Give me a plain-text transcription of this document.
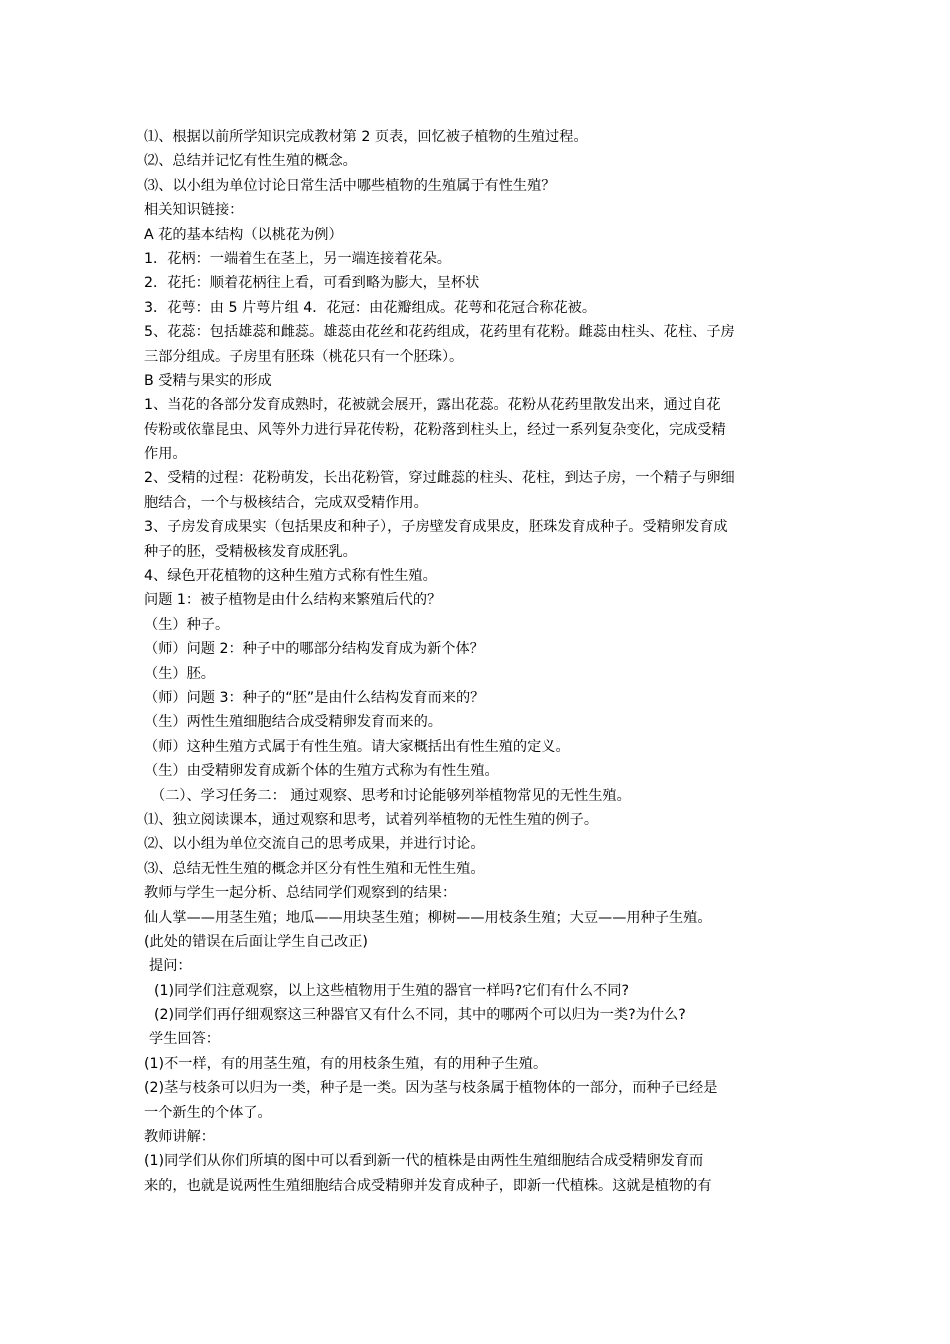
⑴、根据以前所学知识完成教材第 2 页表，回忆被子植物的生殖过程。
⑵、总结并记忆有性生殖的概念。
⑶、以小组为单位讨论日常生活中哪些植物的生殖属于有性生殖？
相关知识链接：
A 花的基本结构（以桃花为例）
1．花柄：一端着生在茎上，另一端连接着花朵。
2．花托：顺着花柄往上看，可看到略为膨大，呈杯状
3．花萼：由 5 片萼片组 4．花冠：由花瓣组成。花萼和花冠合称花被。
5、花蕊：包括雄蕊和雌蕊。雄蕊由花丝和花药组成，花药里有花粉。雌蕊由柱头、花柱、子房
三部分组成。子房里有胚珠（桃花只有一个胚珠）。
B 受精与果实的形成
1、当花的各部分发育成熟时，花被就会展开，露出花蕊。花粉从花药里散发出来，通过自花
传粉或依靠昆虫、风等外力进行异花传粉，花粉落到柱头上，经过一系列复杂变化，完成受精
作用。
2、受精的过程：花粉萌发，长出花粉管，穿过雌蕊的柱头、花柱，到达子房，一个精子与卵细
胞结合，一个与极核结合，完成双受精作用。
3、子房发育成果实（包括果皮和种子），子房壁发育成果皮，胚珠发育成种子。受精卵发育成
种子的胚，受精极核发育成胚乳。
4、绿色开花植物的这种生殖方式称有性生殖。
问题 1：被子植物是由什么结构来繁殖后代的？
（生）种子。
（师）问题 2：种子中的哪部分结构发育成为新个体？
（生）胚。
（师）问题 3：种子的“胚”是由什么结构发育而来的？
（生）两性生殖细胞结合成受精卵发育而来的。
（师）这种生殖方式属于有性生殖。请大家概括出有性生殖的定义。
（生）由受精卵发育成新个体的生殖方式称为有性生殖。
（二）、学习任务二： 通过观察、思考和讨论能够列举植物常见的无性生殖。
⑴、独立阅读课本，通过观察和思考，试着列举植物的无性生殖的例子。
⑵、以小组为单位交流自己的思考成果，并进行讨论。
⑶、总结无性生殖的概念并区分有性生殖和无性生殖。
教师与学生一起分析、总结同学们观察到的结果：
仙人掌——用茎生殖；地瓜——用块茎生殖；柳树——用枝条生殖；大豆——用种子生殖。
(此处的错误在后面让学生自己改正)
提问：
(1)同学们注意观察，以上这些植物用于生殖的器官一样吗?它们有什么不同?
(2)同学们再仔细观察这三种器官又有什么不同，其中的哪两个可以归为一类?为什么?
学生回答：
(1)不一样，有的用茎生殖，有的用枝条生殖，有的用种子生殖。
(2)茎与枝条可以归为一类，种子是一类。因为茎与枝条属于植物体的一部分，而种子已经是
一个新生的个体了。
教师讲解：
(1)同学们从你们所填的图中可以看到新一代的植株是由两性生殖细胞结合成受精卵发育而
来的，也就是说两性生殖细胞结合成受精卵并发育成种子，即新一代植株。这就是植物的有
